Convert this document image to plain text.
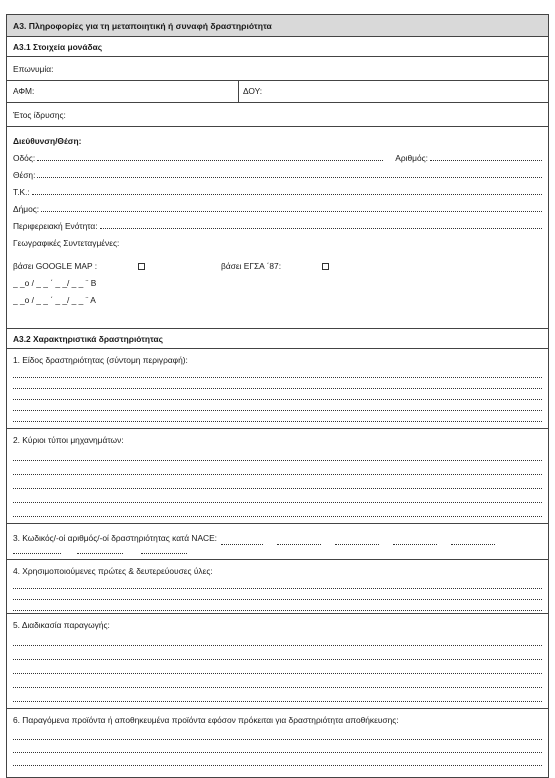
Α3. Πληροφορίες για τη μεταποιητική ή συναφή δραστηριότητα
Α3.1 Στοιχεία μονάδας
Επωνυμία:
ΑΦΜ:	ΔΟΥ:
Έτος ίδρυσης:
Διεύθυνση/Θέση:
Οδός:	Αριθμός:
Θέση:
Τ.Κ.:
Δήμος:
Περιφερειακή Ενότητα:
Γεωγραφικές Συντεταγμένες:
βάσει GOOGLE MAP :	βάσει ΕΓΣΑ ΄87:
_ _o / _ _ ΄ _ _/ _ _ ¨ Β
_ _o / _ _ ΄ _ _/ _ _ ¨ Α
Α3.2 Χαρακτηριστικά δραστηριότητας
1. Είδος δραστηριότητας (σύντομη περιγραφή):
2. Κύριοι τύποι μηχανημάτων:
3. Κωδικός/-οί αριθμός/-οί δραστηριότητας κατά NACE:
4. Χρησιμοποιούμενες πρώτες & δευτερεύουσες ύλες:
5. Διαδικασία παραγωγής:
6. Παραγόμενα προϊόντα ή αποθηκευμένα προϊόντα εφόσον πρόκειται για δραστηριότητα αποθήκευσης:
